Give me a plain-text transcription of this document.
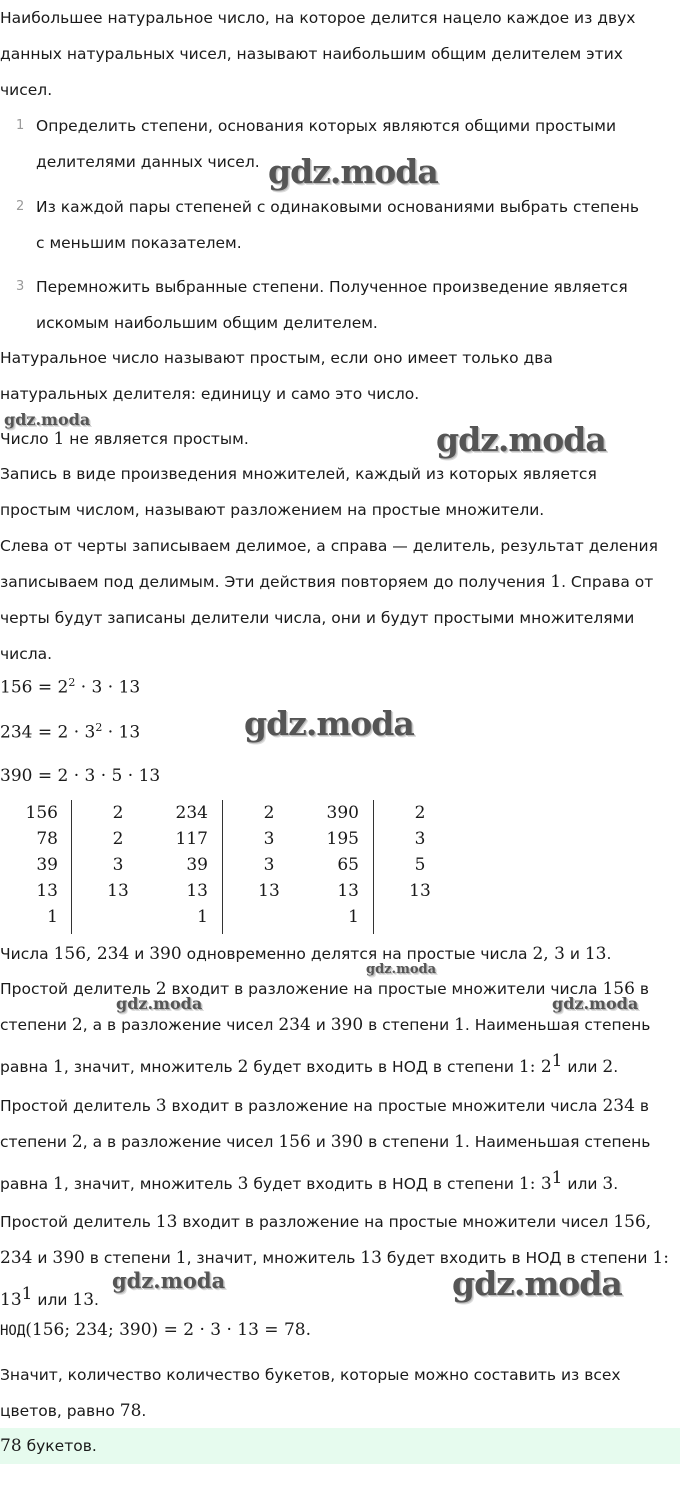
Наибольшее натуральное число, на которое делится нацело каждое из двух
данных натуральных чисел, называют наибольшим общим делителем этих
чисел.
1 Определить степени, основания которых являются общими простыми
делителями данных чисел.
2 Из каждой пары степеней с одинаковыми основаниями выбрать степень
с меньшим показателем.
3 Перемножить выбранные степени. Полученное произведение является
искомым наибольшим общим делителем.
Натуральное число называют простым, если оно имеет только два
натуральных делителя: единицу и само это число.
Число 1 не является простым.
Запись в виде произведения множителей, каждый из которых является
простым числом, называют разложением на простые множители.
Слева от черты записываем делимое, а справа — делитель, результат деления
записываем под делимым. Эти действия повторяем до получения 1. Справа от
черты будут записаны делители числа, они и будут простыми множителями
числа.
$156 = 2^2 \cdot 3 \cdot 13$
$234 = 2 \cdot 3^2 \cdot 13$
390 = 2 · 3 · 5 · 13
156
78
39
13
1
2
2
3
13
234
117
39
13
1
2
3
3
13
390
195
65
13
1
2
3
5
13
Числа 156, 234 и 390 одновременно делятся на простые числа 2, 3 и 13.
Простой делитель 2 входит в разложение на простые множители числа 156 в
степени 2, а в разложение чисел 234 и 390 в степени 1. Наименьшая степень
равна 1, значит, множитель 2 будет входить в НОД в степени 1: $2^1$ или 2.
Простой делитель 3 входит в разложение на простые множители числа 234 в
степени 2, а в разложение чисел 156 и 390 в степени 1. Наименьшая степень
равна 1, значит, множитель 3 будет входить в НОД в степени 1: $3^1$ или 3.
Простой делитель 13 входит в разложение на простые множители чисел 156,
234 и 390 в степени 1, значит, множитель 13 будет входить в НОД в степени 1:
$13^1$ или 13.
НОД(156; 234; 390) = 2 · 3 · 13 = 78.
Значит, количество количество букетов, которые можно составить из всех
цветов, равно 78.
78 букетов.
gdz.moda
gdz.moda
gdz.moda
gdz.moda
gdz.moda
gdz.moda	gdz.moda
gdz.moda	gdz.moda
